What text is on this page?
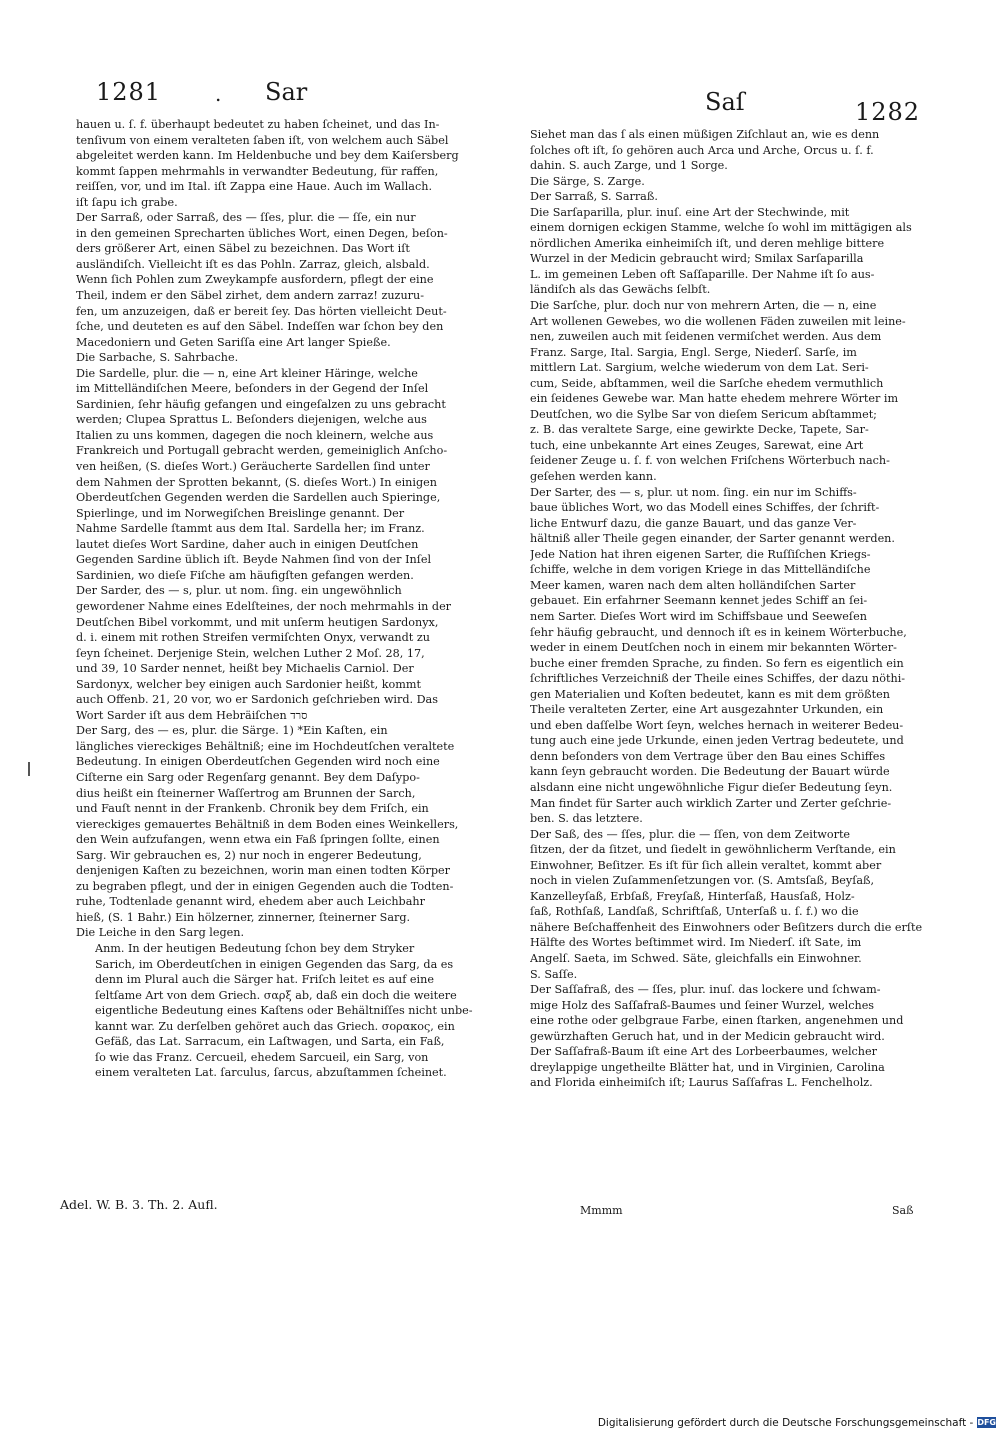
1281	. Sar	Saſ	1282
hauen u. ſ. f. überhaupt bedeutet zu haben ſcheinet, und das In-
tenſivum von einem veralteten ſaben iſt, von welchem auch Säbel
abgeleitet werden kann. Im Heldenbuche und bey dem Kaiſersberg
kommt ſappen mehrmahls in verwandter Bedeutung, für raffen,
reiſſen, vor, und im Ital. iſt Zappa eine Haue. Auch im Wallach.
iſt ſapu ich grabe.
Der Sarraß, oder Sarraß, des — ſſes, plur. die — ſſe, ein nur
in den gemeinen Sprecharten übliches Wort, einen Degen, beſon-
ders größerer Art, einen Säbel zu bezeichnen. Das Wort iſt
ausländiſch. Vielleicht iſt es das Pohln. Zarraz, gleich, alsbald.
Wenn ſich Pohlen zum Zweykampfe ausfordern, pflegt der eine
Theil, indem er den Säbel zirhet, dem andern zarraz! zuzuru-
fen, um anzuzeigen, daß er bereit ſey. Das hörten vielleicht Deut-
ſche, und deuteten es auf den Säbel. Indeſſen war ſchon bey den
Macedoniern und Geten Sariſſa eine Art langer Spieße.
Die Sarbache, S. Sahrbache.
Die Sardelle, plur. die — n, eine Art kleiner Häringe, welche
im Mittelländiſchen Meere, beſonders in der Gegend der Inſel
Sardinien, ſehr häufig gefangen und eingeſalzen zu uns gebracht
werden; Clupea Sprattus L. Beſonders diejenigen, welche aus
Italien zu uns kommen, dagegen die noch kleinern, welche aus
Frankreich und Portugall gebracht werden, gemeiniglich Anſcho-
ven heißen, (S. dieſes Wort.) Geräucherte Sardellen ſind unter
dem Nahmen der Sprotten bekannt, (S. dieſes Wort.) In einigen
Oberdeutſchen Gegenden werden die Sardellen auch Spieringe,
Spierlinge, und im Norwegiſchen Breislinge genannt. Der
Nahme Sardelle ſtammt aus dem Ital. Sardella her; im Franz.
lautet dieſes Wort Sardine, daher auch in einigen Deutſchen
Gegenden Sardine üblich iſt. Beyde Nahmen ſind von der Inſel
Sardinien, wo dieſe Fiſche am häufigſten gefangen werden.
Der Sarder, des — s, plur. ut nom. ſing. ein ungewöhnlich
gewordener Nahme eines Edelſteines, der noch mehrmahls in der
Deutſchen Bibel vorkommt, und mit unſerm heutigen Sardonyx,
d. i. einem mit rothen Streifen vermiſchten Onyx, verwandt zu
ſeyn ſcheinet. Derjenige Stein, welchen Luther 2 Moſ. 28, 17,
und 39, 10 Sarder nennet, heißt bey Michaelis Carniol. Der
Sardonyx, welcher bey einigen auch Sardonier heißt, kommt
auch Offenb. 21, 20 vor, wo er Sardonich geſchrieben wird. Das
Wort Sarder iſt aus dem Hebräiſchen סרד
Der Sarg, des — es, plur. die Särge. 1) *Ein Kaſten, ein
längliches viereckiges Behältniß; eine im Hochdeutſchen veraltete
Bedeutung. In einigen Oberdeutſchen Gegenden wird noch eine
Ciſterne ein Sarg oder Regenſarg genannt. Bey dem Daſypo-
dius heißt ein ſteinerner Waſſertrog am Brunnen der Sarch,
und Fauſt nennt in der Frankenb. Chronik bey dem Friſch, ein
viereckiges gemauertes Behältniß in dem Boden eines Weinkellers,
den Wein aufzufangen, wenn etwa ein Faß ſpringen ſollte, einen
Sarg. Wir gebrauchen es, 2) nur noch in engerer Bedeutung,
denjenigen Kaſten zu bezeichnen, worin man einen todten Körper
zu begraben pflegt, und der in einigen Gegenden auch die Todten-
ruhe, Todtenlade genannt wird, ehedem aber auch Leichbahr
hieß, (S. 1 Bahr.) Ein hölzerner, zinnerner, ſteinerner Sarg.
Die Leiche in den Sarg legen.
Anm. In der heutigen Bedeutung ſchon bey dem Stryker
Sarich, im Oberdeutſchen in einigen Gegenden das Sarg, da es
denn im Plural auch die Särger hat. Friſch leitet es auf eine
ſeltſame Art von dem Griech. σαρξ ab, daß ein doch die weitere
eigentliche Bedeutung eines Kaſtens oder Behältniſſes nicht unbe-
kannt war. Zu derſelben gehöret auch das Griech. σορακος, ein
Gefäß, das Lat. Sarracum, ein Laſtwagen, und Sarta, ein Faß,
ſo wie das Franz. Cercueil, ehedem Sarcueil, ein Sarg, von
einem veralteten Lat. ſarculus, ſarcus, abzuſtammen ſcheinet.
Siehet man das ſ als einen müßigen Ziſchlaut an, wie es denn
ſolches oft iſt, ſo gehören auch Arca und Arche, Orcus u. ſ. f.
dahin. S. auch Zarge, und 1 Sorge.
Die Särge, S. Zarge.
Der Sarraß, S. Sarraß.
Die Sarſaparilla, plur. inuſ. eine Art der Stechwinde, mit
einem dornigen eckigen Stamme, welche ſo wohl im mittägigen als
nördlichen Amerika einheimiſch iſt, und deren mehlige bittere
Wurzel in der Medicin gebraucht wird; Smilax Sarſaparilla
L. im gemeinen Leben oft Saſſaparille. Der Nahme iſt ſo aus-
ländiſch als das Gewächs ſelbſt.
Die Sarſche, plur. doch nur von mehrern Arten, die — n, eine
Art wollenen Gewebes, wo die wollenen Fäden zuweilen mit leine-
nen, zuweilen auch mit ſeidenen vermiſchet werden. Aus dem
Franz. Sarge, Ital. Sargia, Engl. Serge, Niederſ. Sarſe, im
mittlern Lat. Sargium, welche wiederum von dem Lat. Seri-
cum, Seide, abſtammen, weil die Sarſche ehedem vermuthlich
ein ſeidenes Gewebe war. Man hatte ehedem mehrere Wörter im
Deutſchen, wo die Sylbe Sar von dieſem Sericum abſtammet;
z. B. das veraltete Sarge, eine gewirkte Decke, Tapete, Sar-
tuch, eine unbekannte Art eines Zeuges, Sarewat, eine Art
ſeidener Zeuge u. ſ. f. von welchen Friſchens Wörterbuch nach-
geſehen werden kann.
Der Sarter, des — s, plur. ut nom. ſing. ein nur im Schiffs-
baue übliches Wort, wo das Modell eines Schiffes, der ſchrift-
liche Entwurf dazu, die ganze Bauart, und das ganze Ver-
hältniß aller Theile gegen einander, der Sarter genannt werden.
Jede Nation hat ihren eigenen Sarter, die Ruſſiſchen Kriegs-
ſchiffe, welche in dem vorigen Kriege in das Mittelländiſche
Meer kamen, waren nach dem alten holländiſchen Sarter
gebauet. Ein erfahrner Seemann kennet jedes Schiff an ſei-
nem Sarter. Dieſes Wort wird im Schiffsbaue und Seeweſen
ſehr häufig gebraucht, und dennoch iſt es in keinem Wörterbuche,
weder in einem Deutſchen noch in einem mir bekannten Wörter-
buche einer fremden Sprache, zu finden. So fern es eigentlich ein
ſchriftliches Verzeichniß der Theile eines Schiffes, der dazu nöthi-
gen Materialien und Koſten bedeutet, kann es mit dem größten
Theile veralteten Zerter, eine Art ausgezahnter Urkunden, ein
und eben daſſelbe Wort ſeyn, welches hernach in weiterer Bedeu-
tung auch eine jede Urkunde, einen jeden Vertrag bedeutete, und
denn beſonders von dem Vertrage über den Bau eines Schiffes
kann ſeyn gebraucht worden. Die Bedeutung der Bauart würde
alsdann eine nicht ungewöhnliche Figur dieſer Bedeutung ſeyn.
Man findet für Sarter auch wirklich Zarter und Zerter geſchrie-
ben. S. das letztere.
Der Saß, des — ſſes, plur. die — ſſen, von dem Zeitworte
ſitzen, der da ſitzet, und ſiedelt in gewöhnlicherm Verſtande, ein
Einwohner, Beſitzer. Es iſt für ſich allein veraltet, kommt aber
noch in vielen Zuſammenſetzungen vor. (S. Amtsſaß, Beyſaß,
Kanzelleyſaß, Erbſaß, Freyſaß, Hinterſaß, Hausſaß, Holz-
ſaß, Rothſaß, Landſaß, Schriftſaß, Unterſaß u. ſ. f.) wo die
nähere Beſchaffenheit des Einwohners oder Beſitzers durch die erſte
Hälfte des Wortes beſtimmet wird. Im Niederſ. iſt Sate, im
Angelſ. Saeta, im Schwed. Säte, gleichfalls ein Einwohner.
S. Saſſe.
Der Saſſafraß, des — ſſes, plur. inuſ. das lockere und ſchwam-
mige Holz des Saſſafraß-Baumes und ſeiner Wurzel, welches
eine rothe oder gelbgraue Farbe, einen ſtarken, angenehmen und
gewürzhaften Geruch hat, und in der Medicin gebraucht wird.
Der Saſſafraß-Baum iſt eine Art des Lorbeerbaumes, welcher
dreylappige ungetheilte Blätter hat, und in Virginien, Carolina
and Florida einheimiſch iſt; Laurus Saſſafras L. Fenchelholz.
Adel. W. B. 3. Th. 2. Aufl.	Mmmm	Saß
Digitalisierung gefördert durch die Deutsche Forschungsgemeinschaft - DFG
